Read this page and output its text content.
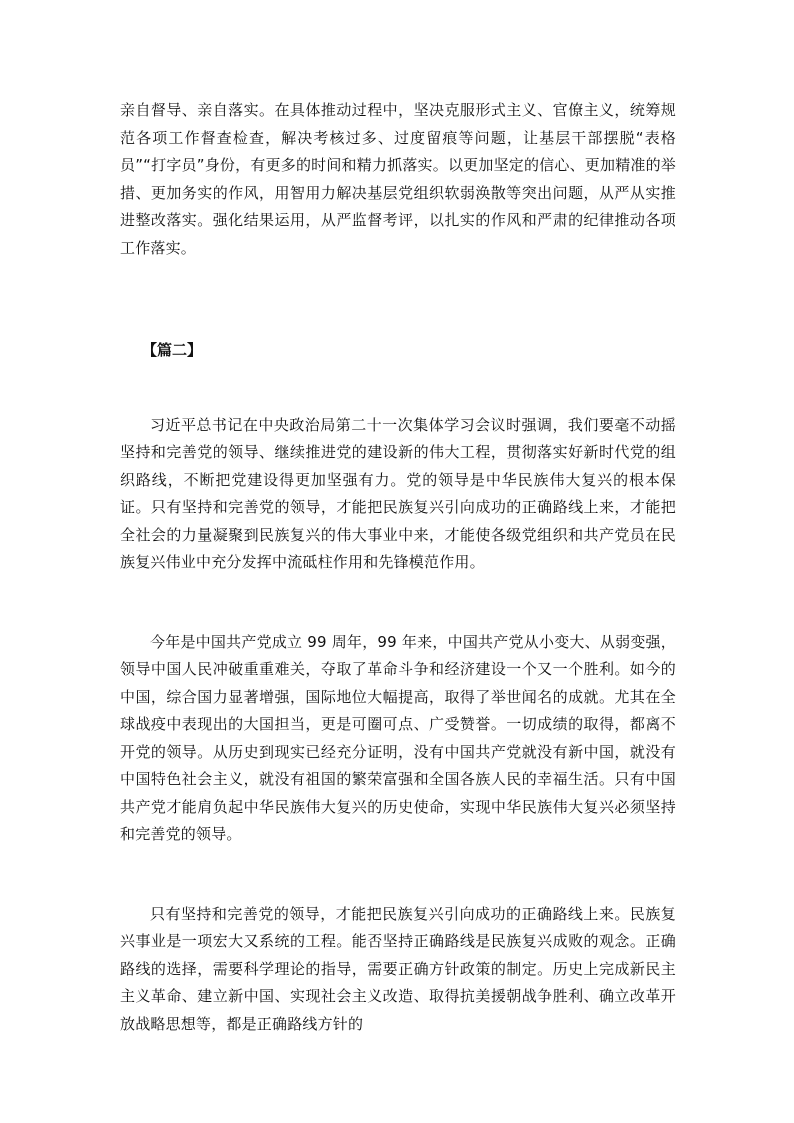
亲自督导、亲自落实。在具体推动过程中，坚决克服形式主义、官僚主义，统筹规范各项工作督查检查，解决考核过多、过度留痕等问题，让基层干部摆脱“表格员”“打字员”身份，有更多的时间和精力抓落实。以更加坚定的信心、更加精准的举措、更加务实的作风，用智用力解决基层党组织软弱涣散等突出问题，从严从实推进整改落实。强化结果运用，从严监督考评，以扎实的作风和严肃的纪律推动各项工作落实。

【篇二】

习近平总书记在中央政治局第二十一次集体学习会议时强调，我们要毫不动摇坚持和完善党的领导、继续推进党的建设新的伟大工程，贯彻落实好新时代党的组织路线，不断把党建设得更加坚强有力。党的领导是中华民族伟大复兴的根本保证。只有坚持和完善党的领导，才能把民族复兴引向成功的正确路线上来，才能把全社会的力量凝聚到民族复兴的伟大事业中来，才能使各级党组织和共产党员在民族复兴伟业中充分发挥中流砥柱作用和先锋模范作用。

今年是中国共产党成立 99 周年，99 年来，中国共产党从小变大、从弱变强，领导中国人民冲破重重难关，夺取了革命斗争和经济建设一个又一个胜利。如今的中国，综合国力显著增强，国际地位大幅提高，取得了举世闻名的成就。尤其在全球战疫中表现出的大国担当，更是可圈可点、广受赞誉。一切成绩的取得，都离不开党的领导。从历史到现实已经充分证明，没有中国共产党就没有新中国，就没有中国特色社会主义，就没有祖国的繁荣富强和全国各族人民的幸福生活。只有中国共产党才能肩负起中华民族伟大复兴的历史使命，实现中华民族伟大复兴必须坚持和完善党的领导。

只有坚持和完善党的领导，才能把民族复兴引向成功的正确路线上来。民族复兴事业是一项宏大又系统的工程。能否坚持正确路线是民族复兴成败的观念。正确路线的选择，需要科学理论的指导，需要正确方针政策的制定。历史上完成新民主主义革命、建立新中国、实现社会主义改造、取得抗美援朝战争胜利、确立改革开放战略思想等，都是正确路线方针的
